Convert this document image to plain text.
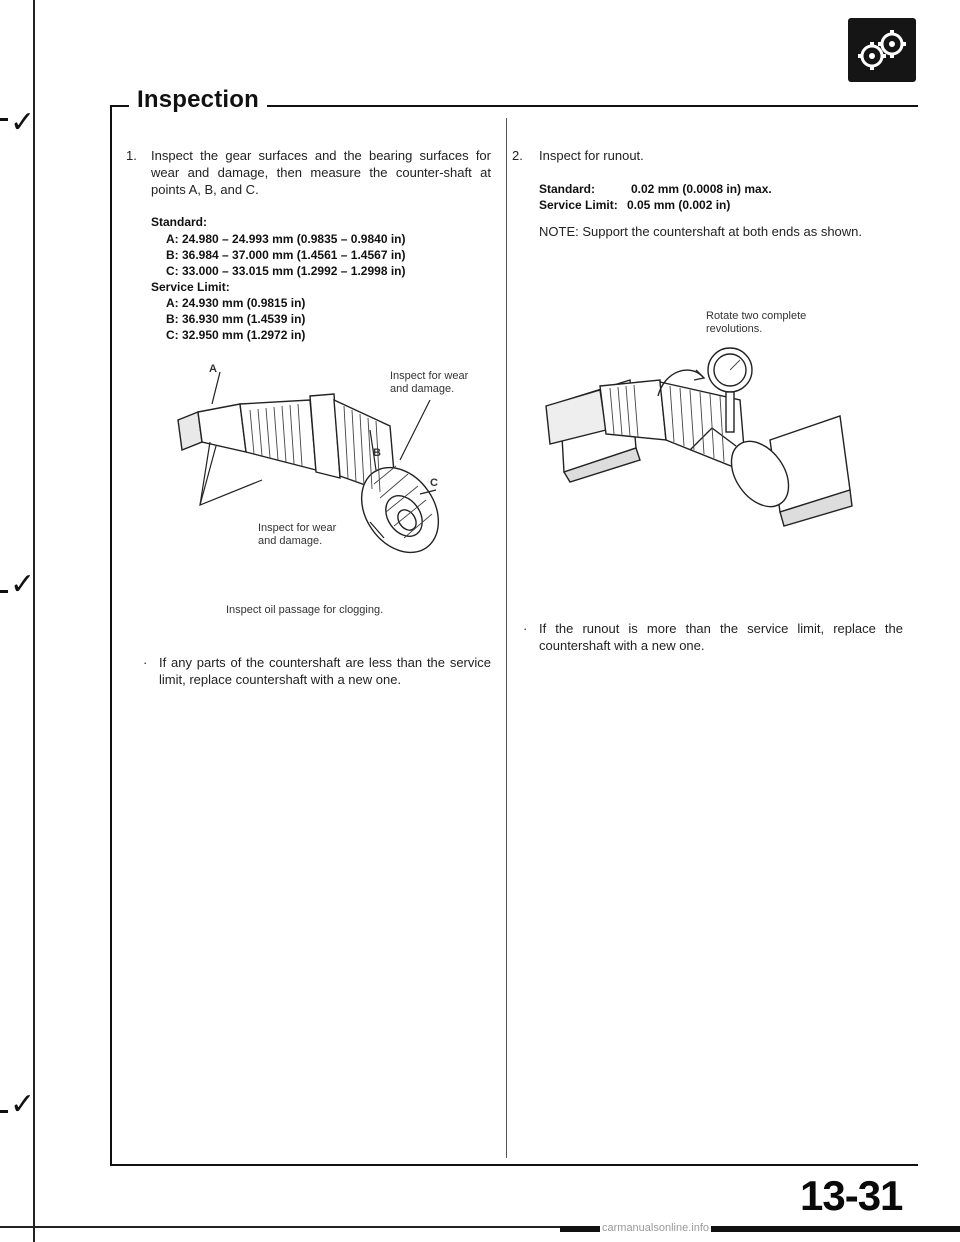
✓
✓
✓
Inspection
1. Inspect the gear surfaces and the bearing surfaces for wear and damage, then measure the counter-shaft at points A, B, and C.
Standard:
A: 24.980 – 24.993 mm (0.9835 – 0.9840 in)
B: 36.984 – 37.000 mm (1.4561 – 1.4567 in)
C: 33.000 – 33.015 mm (1.2992 – 1.2998 in)
Service Limit:
A: 24.930 mm (0.9815 in)
B: 36.930 mm (1.4539 in)
C: 32.950 mm (1.2972 in)
A
B
C
Inspect for wear
and damage.
Inspect for wear
and damage.
Inspect oil passage for clogging.
· If any parts of the countershaft are less than the service limit, replace countershaft with a new one.
2. Inspect for runout.
Standard:	0.02 mm (0.0008 in) max.
Service Limit: 0.05 mm (0.002 in)
NOTE: Support the countershaft at both ends as shown.
Rotate two complete
revolutions.
· If the runout is more than the service limit, replace the countershaft with a new one.
13-31
carmanualsonline.info
